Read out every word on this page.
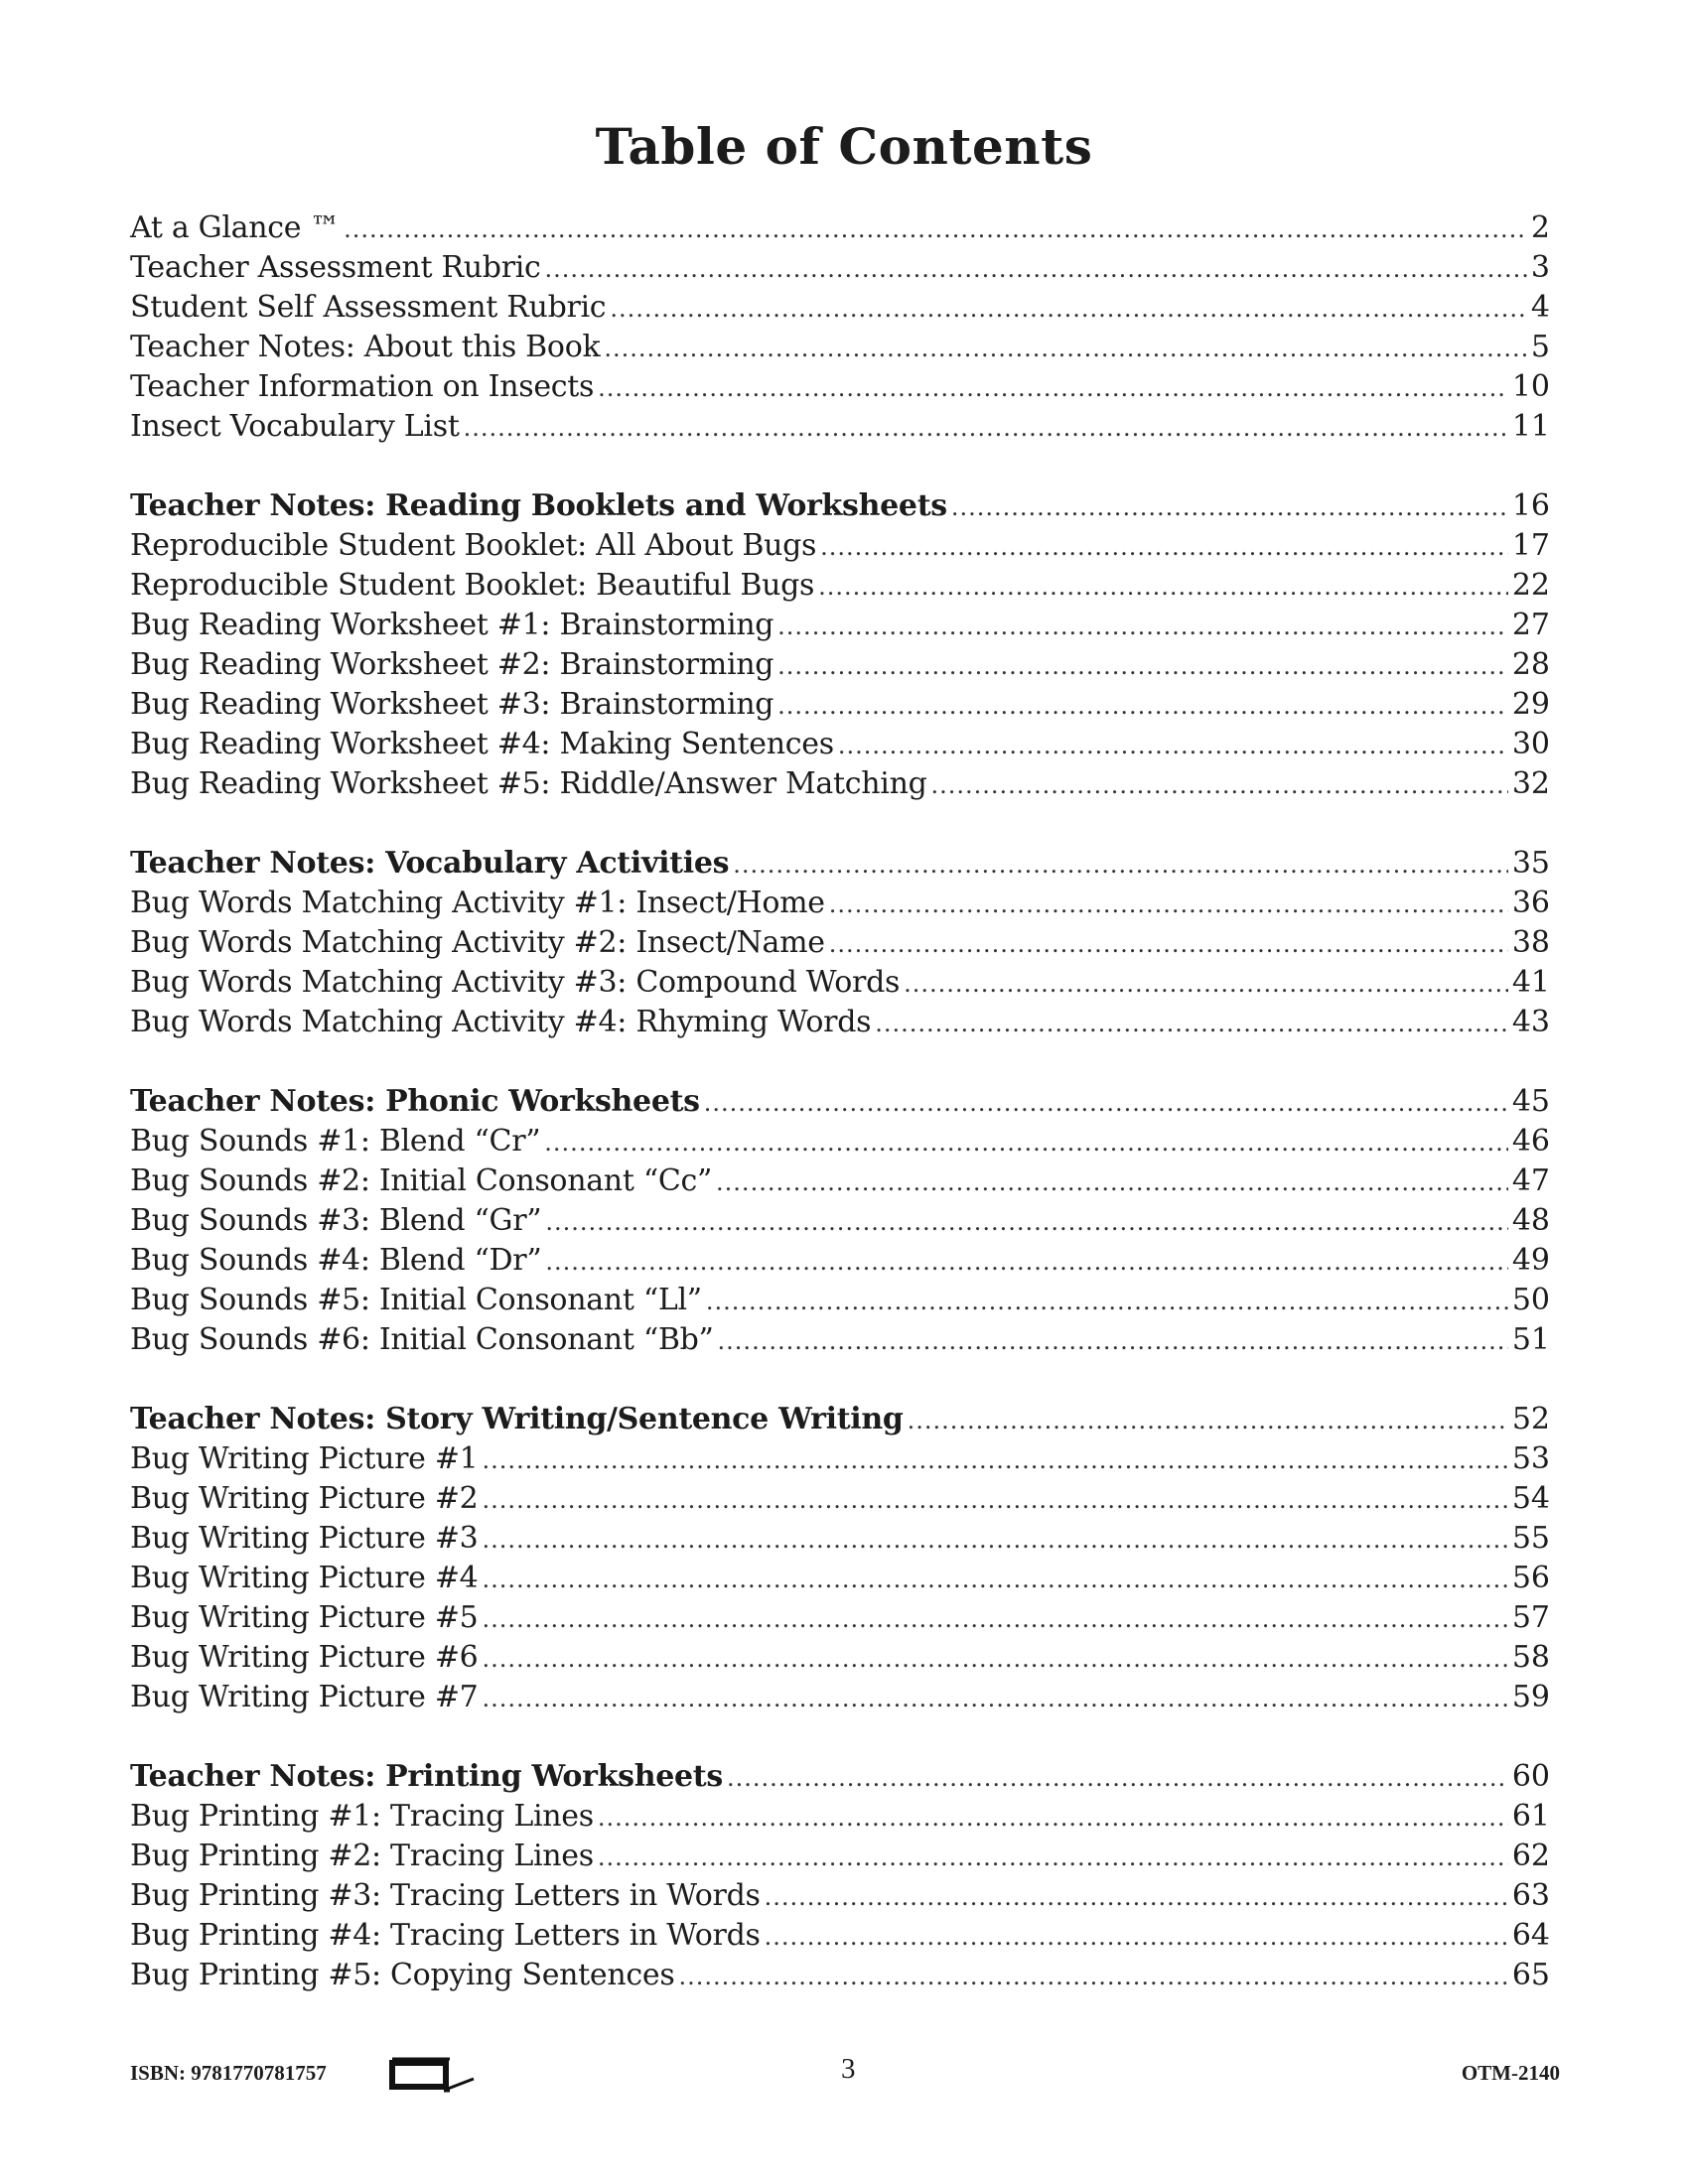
Table of Contents
At a Glance ™ .....	2
Teacher Assessment Rubric .....	3
Student Self Assessment Rubric .....	4
Teacher Notes: About this Book .....	5
Teacher Information on Insects .....	10
Insect Vocabulary List .....	11
Teacher Notes: Reading Booklets and Worksheets .....	16
Reproducible Student Booklet: All About Bugs .....	17
Reproducible Student Booklet: Beautiful Bugs .....	22
Bug Reading Worksheet #1: Brainstorming .....	27
Bug Reading Worksheet #2: Brainstorming .....	28
Bug Reading Worksheet #3: Brainstorming .....	29
Bug Reading Worksheet #4: Making Sentences .....	30
Bug Reading Worksheet #5: Riddle/Answer Matching .....	32
Teacher Notes: Vocabulary Activities .....	35
Bug Words Matching Activity #1: Insect/Home .....	36
Bug Words Matching Activity #2: Insect/Name .....	38
Bug Words Matching Activity #3: Compound Words .....	41
Bug Words Matching Activity #4: Rhyming Words .....	43
Teacher Notes: Phonic Worksheets .....	45
Bug Sounds #1: Blend “Cr” .....	46
Bug Sounds #2: Initial Consonant “Cc” .....	47
Bug Sounds #3: Blend “Gr” .....	48
Bug Sounds #4: Blend “Dr” .....	49
Bug Sounds #5: Initial Consonant “Ll” .....	50
Bug Sounds #6: Initial Consonant “Bb” .....	51
Teacher Notes: Story Writing/Sentence Writing .....	52
Bug Writing Picture #1 .....	53
Bug Writing Picture #2 .....	54
Bug Writing Picture #3 .....	55
Bug Writing Picture #4 .....	56
Bug Writing Picture #5 .....	57
Bug Writing Picture #6 .....	58
Bug Writing Picture #7 .....	59
Teacher Notes: Printing Worksheets .....	60
Bug Printing #1: Tracing Lines .....	61
Bug Printing #2: Tracing Lines .....	62
Bug Printing #3: Tracing Letters in Words .....	63
Bug Printing #4: Tracing Letters in Words .....	64
Bug Printing #5: Copying Sentences .....	65
ISBN: 9781770781757	3	OTM-2140
